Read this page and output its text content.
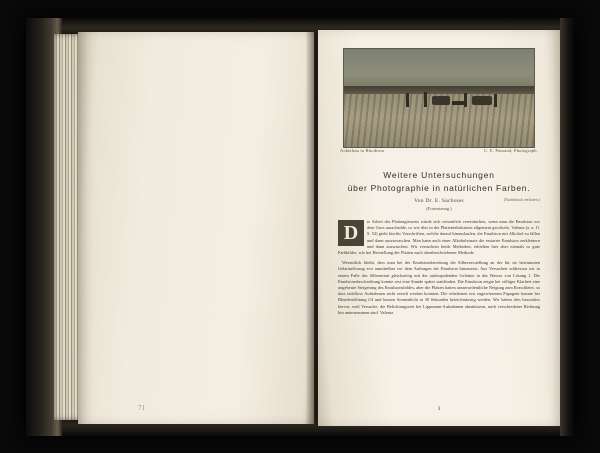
71
Ackerbau in Rhodesia	C. E. Passand, Photograph.
Weitere Untersuchungen
über Photographie in natürlichen Farben.
Von Dr. E. Sachsses
(Fortsetzung.)
(Nachdruck verboten.)
D

ie Arbeit des Plattengiessens würde sich wesentlich vereinfachen, wenn man die Emulsion vor dem Guss ausschadde, so wie dies in der Plattenfabrikation allgemein geschieht. Valenta (a. a. O. S. 52) giebt hierfür Vorschriften, welche darauf hinauslaufen, die Emulsion mit Alkohol zu fällen und dann auszuwaschen. Man kann auch einer Alkoholzusatz die erstarrte Emulsion zerkleinern und dann auswaschen. Wir versuchten beide Methoden, erhielten hier aber niemals so gute Farbbilder, wie bei Herstellung der Platten nach obenbeschriebener Methode.

Wesentlich bleibt, dass man bei der Emulsionsbereitung die Silberzerstellung an der für sie bestimmten Gelatinelösung erst unmittelbar vor dem Auftragen der Emulsion hinzusetzt. Aus Versuchen schliessen wir in einem Falle das Silbernitrat gleichzeitig mit der aufzuspülenden Gelatine in das Wasser von Lösung 1. Die Emulsionsbeschreibung konnte erst eine Stunde später stattfinden. Die Emulsion zeigte bei völliger Klarheit eine ungeheure Steigerung des Emulsionsbildes, aber die Platten hatten ausserordentliche Neigung zum Rotschleier, so dass tadellose Aufnahmen nicht erzielt werden konnten. Die erhaltenen erst zugewiesenen Papagein konnte bei Blendenöffnung f/4 und kurzen Sonnenlicht in 30 Sekunden beieichtsässiig werden. Wir haben dies besonders hervor, weil Versuche, die Belichtungszeit bei Lippmann-Aufnahmen abzukürzen, nach verschiedener Richtung hin unternommen sind. Valenta

3
